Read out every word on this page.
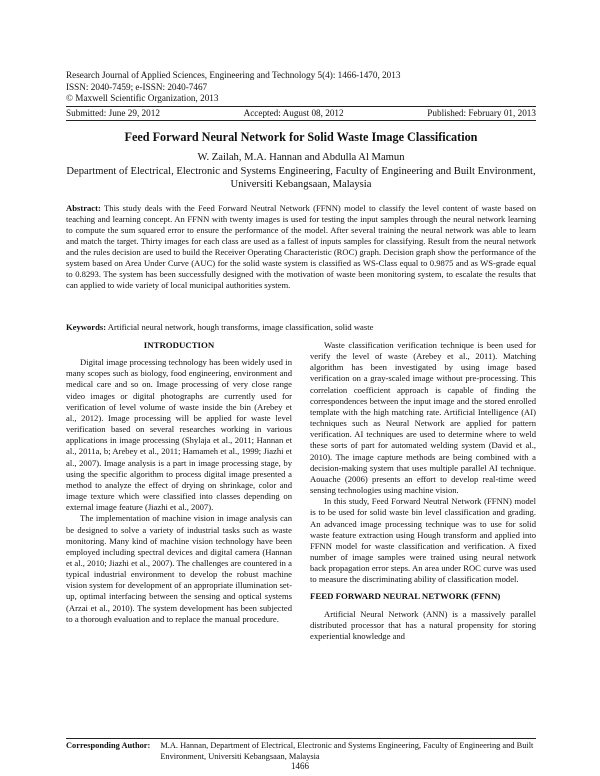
Research Journal of Applied Sciences, Engineering and Technology 5(4): 1466-1470, 2013
ISSN: 2040-7459; e-ISSN: 2040-7467
© Maxwell Scientific Organization, 2013
Submitted: June 29, 2012	Accepted: August 08, 2012	Published: February 01, 2013
Feed Forward Neural Network for Solid Waste Image Classification
W. Zailah, M.A. Hannan and Abdulla Al Mamun
Department of Electrical, Electronic and Systems Engineering, Faculty of Engineering and Built Environment, Universiti Kebangsaan, Malaysia
Abstract: This study deals with the Feed Forward Neutral Network (FFNN) model to classify the level content of waste based on teaching and learning concept. An FFNN with twenty images is used for testing the input samples through the neural network learning to compute the sum squared error to ensure the performance of the model. After several training the neural network was able to learn and match the target. Thirty images for each class are used as a fallest of inputs samples for classifying. Result from the neural network and the rules decision are used to build the Receiver Operating Characteristic (ROC) graph. Decision graph show the performance of the system based on Area Under Curve (AUC) for the solid waste system is classified as WS-Class equal to 0.9875 and as WS-grade equal to 0.8293. The system has been successfully designed with the motivation of waste been monitoring system, to escalate the results that can applied to wide variety of local municipal authorities system.
Keywords: Artificial neural network, hough transforms, image classification, solid waste
INTRODUCTION

Digital image processing technology has been widely used in many scopes such as biology, food engineering, environment and medical care and so on. Image processing of very close range video images or digital photographs are currently used for verification of level volume of waste inside the bin (Arebey et al., 2012). Image processing will be applied for waste level verification based on several researches working in various applications in image processing (Shylaja et al., 2011; Hannan et al., 2011a, b; Arebey et al., 2011; Hamameh et al., 1999; Jiazhi et al., 2007). Image analysis is a part in image processing stage, by using the specific algorithm to process digital image presented a method to analyze the effect of drying on shrinkage, color and image texture which were classified into classes depending on external image feature (Jiazhi et al., 2007).

The implementation of machine vision in image analysis can be designed to solve a variety of industrial tasks such as waste monitoring. Many kind of machine vision technology have been employed including spectral devices and digital camera (Hannan et al., 2010; Jiazhi et al., 2007). The challenges are countered in a typical industrial environment to develop the robust machine vision system for development of an appropriate illumination set-up, optimal interfacing between the sensing and optical systems (Arzai et al., 2010). The system development has been subjected to a thorough evaluation and to replace the manual procedure.

Waste classification verification technique is been used for verify the level of waste (Arebey et al., 2011). Matching algorithm has been investigated by using image based verification on a gray-scaled image without pre-processing. This correlation coefficient approach is capable of finding the correspondences between the input image and the stored enrolled template with the high matching rate. Artificial Intelligence (AI) techniques such as Neural Network are applied for pattern verification. AI techniques are used to determine where to weld these sorts of part for automated welding system (David et al., 2010). The image capture methods are being combined with a decision-making system that uses multiple parallel AI technique. Aouache (2006) presents an effort to develop real-time weed sensing technologies using machine vision.

In this study, Feed Forward Neutral Network (FFNN) model is to be used for solid waste bin level classification and grading. An advanced image processing technique was to use for solid waste feature extraction using Hough transform and applied into FFNN model for waste classification and verification. A fixed number of image samples were trained using neural network back propagation error steps. An area under ROC curve was used to measure the discriminating ability of classification model.

FEED FORWARD NEURAL NETWORK (FFNN)

Artificial Neural Network (ANN) is a massively parallel distributed processor that has a natural propensity for storing experiential knowledge and

Corresponding Author: M.A. Hannan, Department of Electrical, Electronic and Systems Engineering, Faculty of Engineering and Built Environment, Universiti Kebangsaan, Malaysia
1466
